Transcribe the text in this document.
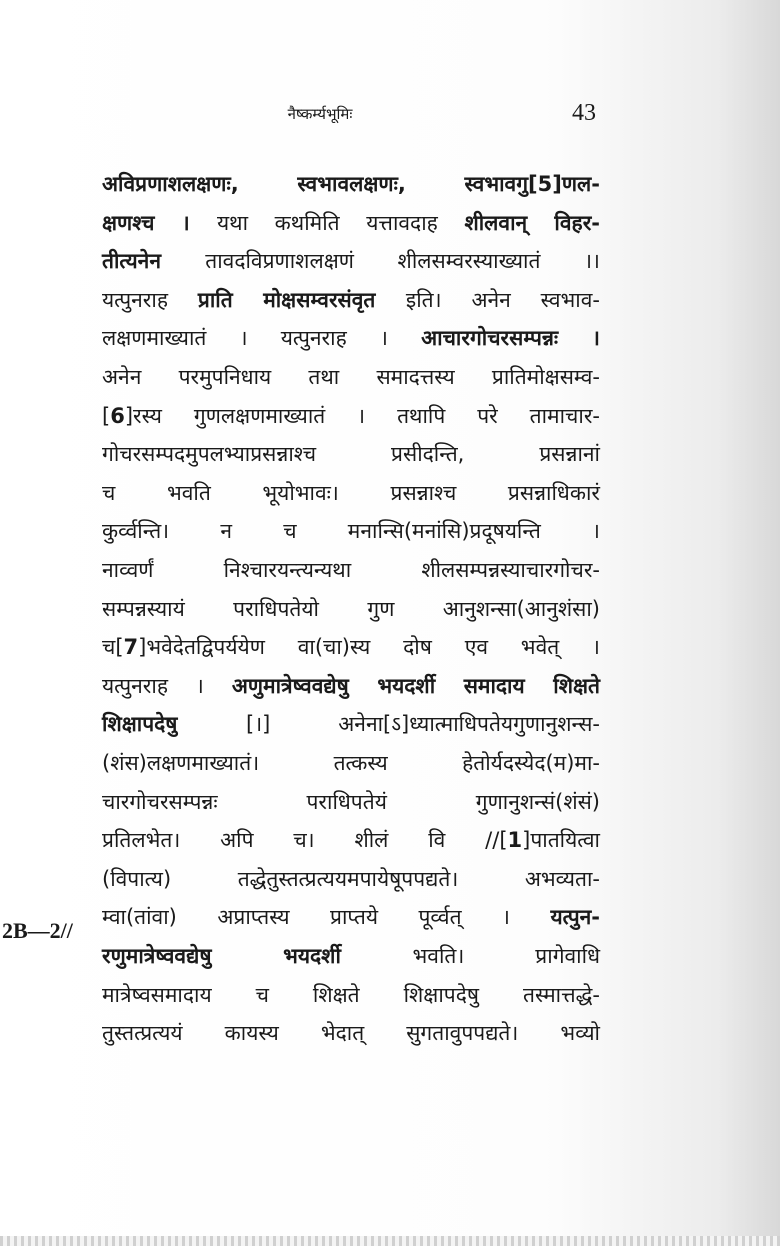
नैष्कर्म्यभूमिः	43
2B—2//
अविप्रणाशलक्षणः, स्वभावलक्षणः, स्वभावगु[5]णल-
क्षणश्च । यथा कथमिति यत्तावदाह शीलवान् विहर-
तीत्यनेन तावदविप्रणाशलक्षणं शीलसम्वरस्याख्यातं ।।
यत्पुनराह प्राति मोक्षसम्वरसंवृत इति। अनेन स्वभाव-
लक्षणमाख्यातं । यत्पुनराह । आचारगोचरसम्पन्नः ।
अनेन परमुपनिधाय तथा समादत्तस्य प्रातिमोक्षसम्व-
[6]रस्य गुणलक्षणमाख्यातं । तथापि परे तामाचार-
गोचरसम्पदमुपलभ्याप्रसन्नाश्च प्रसीदन्ति, प्रसन्नानां
च भवति भूयोभावः। प्रसन्नाश्च प्रसन्नाधिकारं
कुर्व्वन्ति। न च मनान्सि(मनांसि)प्रदूषयन्ति ।
नाव्वर्णं निश्चारयन्त्यन्यथा शीलसम्पन्नस्याचारगोचर-
सम्पन्नस्यायं पराधिपतेयो गुण आनुशन्सा(आनुशंसा)
च[7]भवेदेतद्विपर्ययेण वा(चा)स्य दोष एव भवेत् ।
यत्पुनराह । अणुमात्रेष्ववद्येषु भयदर्शी समादाय शिक्षते
शिक्षापदेषु [।] अनेना[ऽ]ध्यात्माधिपतेयगुणानुशन्स-
(शंस)लक्षणमाख्यातं। तत्कस्य हेतोर्यदस्येद(म)मा-
चारगोचरसम्पन्नः पराधिपतेयं गुणानुशन्सं(शंसं)
प्रतिलभेत। अपि च। शीलं वि //[1]पातयित्वा
(विपात्य) तद्धेतुस्तत्प्रत्ययमपायेषूपपद्यते। अभव्यता-
म्वा(तांवा) अप्राप्तस्य प्राप्तये पूर्व्वत् । यत्पुन-
रणुमात्रेष्ववद्येषु भयदर्शी भवति। प्रागेवाधि
मात्रेष्वसमादाय च शिक्षते शिक्षापदेषु तस्मात्तद्धे-
तुस्तत्प्रत्ययं कायस्य भेदात् सुगतावुपपद्यते। भव्यो
